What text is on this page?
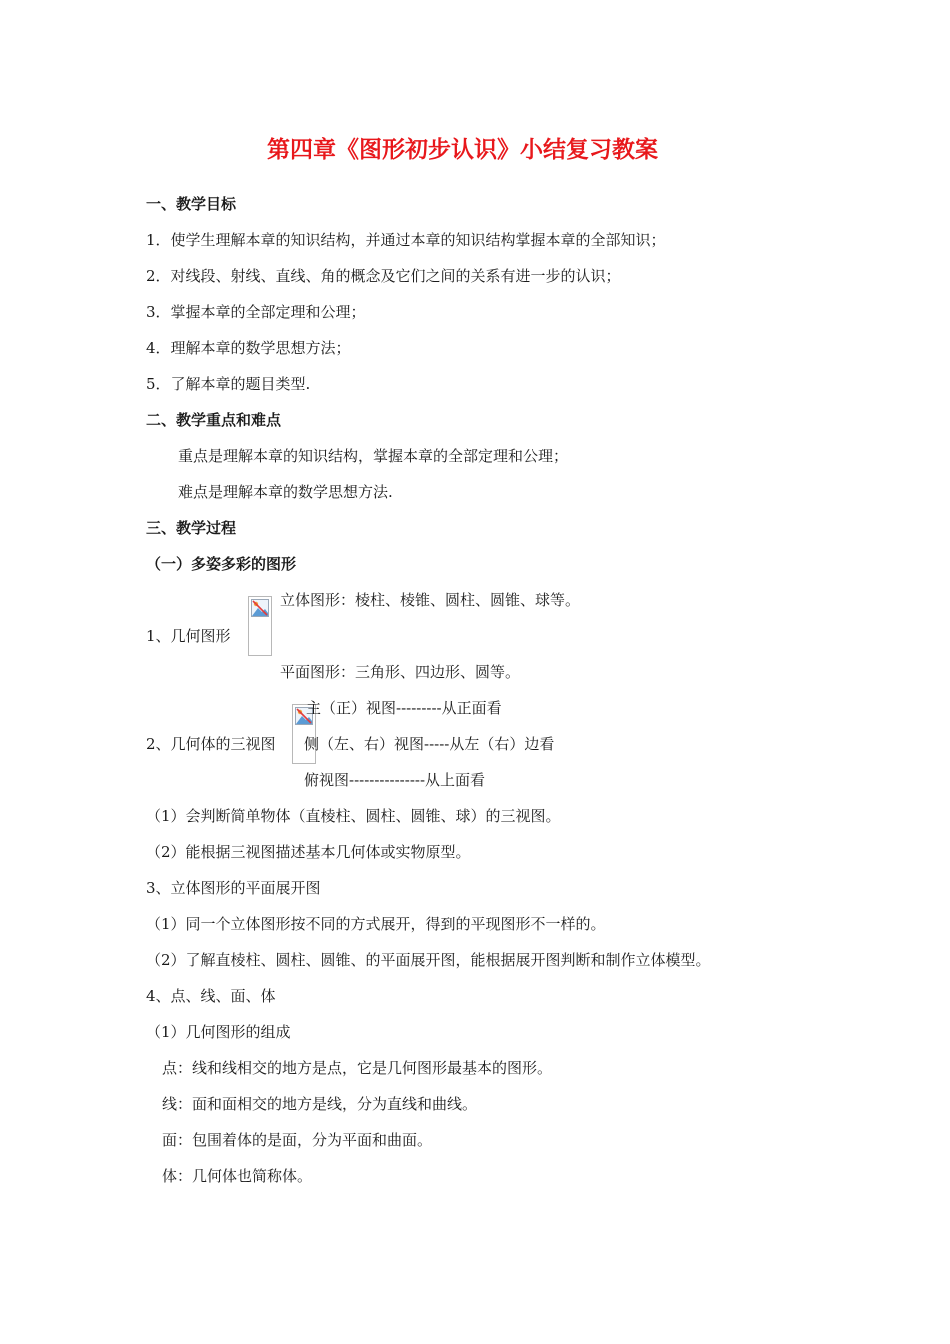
第四章《图形初步认识》小结复习教案
一、教学目标
1．使学生理解本章的知识结构，并通过本章的知识结构掌握本章的全部知识；
2．对线段、射线、直线、角的概念及它们之间的关系有进一步的认识；
3．掌握本章的全部定理和公理；
4．理解本章的数学思想方法；
5．了解本章的题目类型.
二、教学重点和难点
重点是理解本章的知识结构，掌握本章的全部定理和公理；
难点是理解本章的数学思想方法.
三、教学过程
（一）多姿多彩的图形
立体图形：棱柱、棱锥、圆柱、圆锥、球等。
1、几何图形
平面图形：三角形、四边形、圆等。
主（正）视图---------从正面看
2、几何体的三视图 侧（左、右）视图-----从左（右）边看
俯视图---------------从上面看
（1）会判断简单物体（直棱柱、圆柱、圆锥、球）的三视图。
（2）能根据三视图描述基本几何体或实物原型。
3、立体图形的平面展开图
（1）同一个立体图形按不同的方式展开，得到的平现图形不一样的。
（2）了解直棱柱、圆柱、圆锥、的平面展开图，能根据展开图判断和制作立体模型。
4、点、线、面、体
（1）几何图形的组成
点：线和线相交的地方是点，它是几何图形最基本的图形。
线：面和面相交的地方是线，分为直线和曲线。
面：包围着体的是面，分为平面和曲面。
体：几何体也简称体。
